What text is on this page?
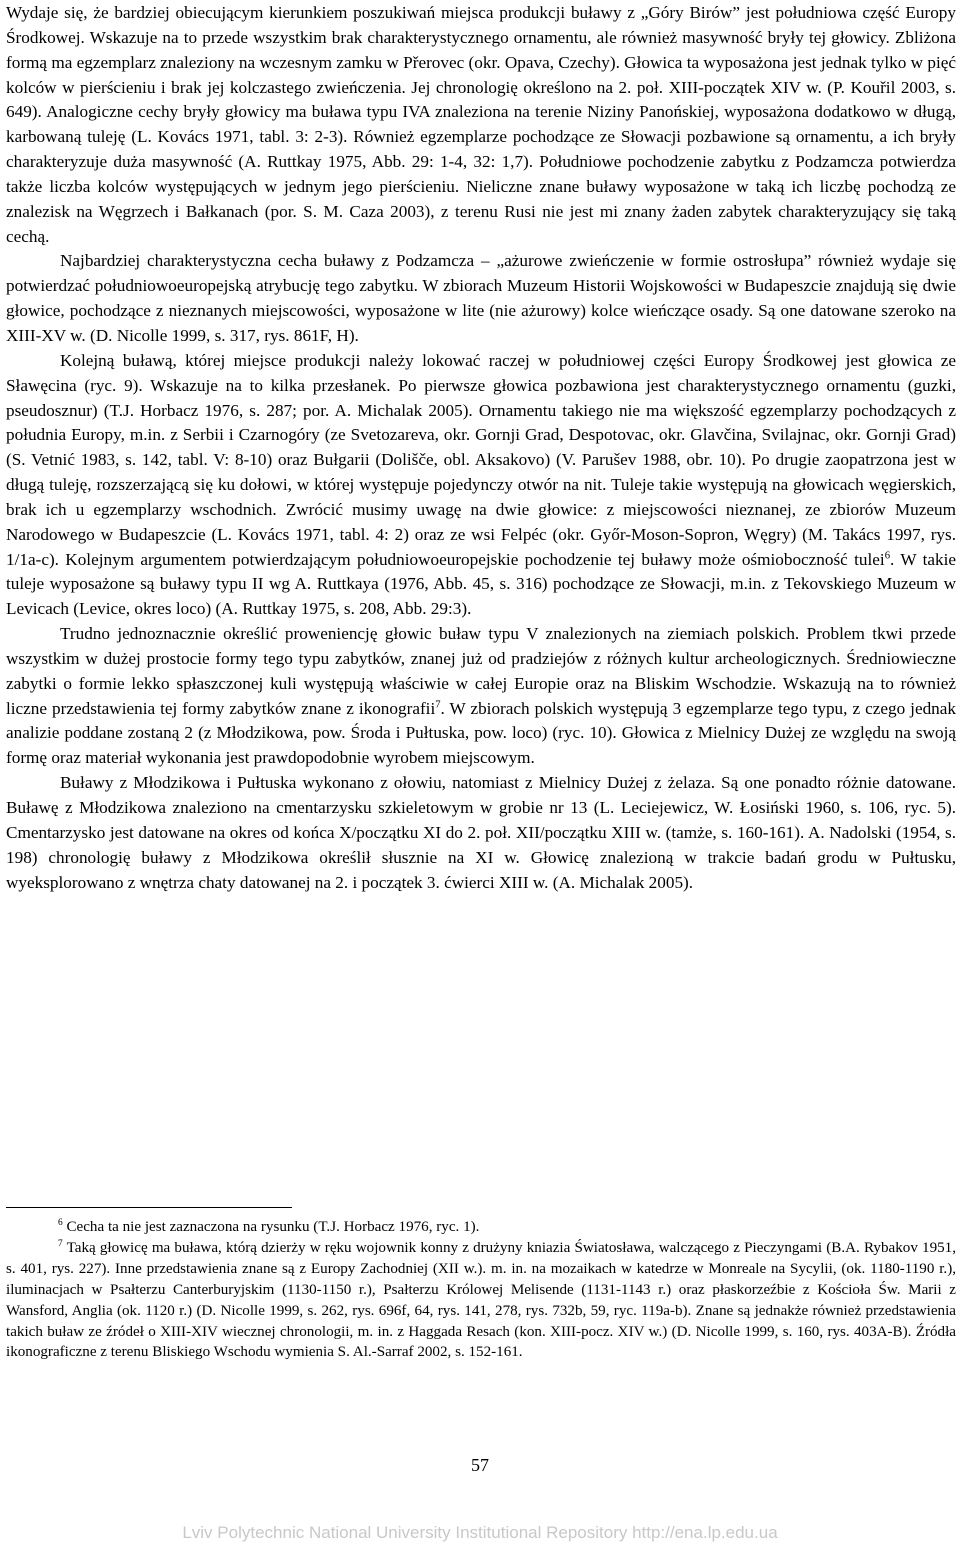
Wydaje się, że bardziej obiecującym kierunkiem poszukiwań miejsca produkcji buławy z „Góry Birów” jest południowa część Europy Środkowej. Wskazuje na to przede wszystkim brak charakterystycznego ornamentu, ale również masywność bryły tej głowicy. Zbliżona formą ma egzemplarz znaleziony na wczesnym zamku w Přerovec (okr. Opava, Czechy). Głowica ta wyposażona jest jednak tylko w pięć kolców w pierścieniu i brak jej kolczastego zwieńczenia. Jej chronologię określono na 2. poł. XIII-początek XIV w. (P. Kouřil 2003, s. 649). Analogiczne cechy bryły głowicy ma buława typu IVA znaleziona na terenie Niziny Panońskiej, wyposażona dodatkowo w długą, karbowaną tuleję (L. Kovács 1971, tabl. 3: 2-3). Również egzemplarze pochodzące ze Słowacji pozbawione są ornamentu, a ich bryły charakteryzuje duża masywność (A. Ruttkay 1975, Abb. 29: 1-4, 32: 1,7). Południowe pochodzenie zabytku z Podzamcza potwierdza także liczba kolców występujących w jednym jego pierścieniu. Nieliczne znane buławy wyposażone w taką ich liczbę pochodzą ze znalezisk na Węgrzech i Bałkanach (por. S. M. Caza 2003), z terenu Rusi nie jest mi znany żaden zabytek charakteryzujący się taką cechą.

Najbardziej charakterystyczna cecha buławy z Podzamcza – „ażurowe zwieńczenie w formie ostrosłupa” również wydaje się potwierdzać południowoeuropejską atrybucję tego zabytku. W zbiorach Muzeum Historii Wojskowości w Budapeszcie znajdują się dwie głowice, pochodzące z nieznanych miejscowości, wyposażone w lite (nie ażurowy) kolce wieńczące osady. Są one datowane szeroko na XIII-XV w. (D. Nicolle 1999, s. 317, rys. 861F, H).

Kolejną buławą, której miejsce produkcji należy lokować raczej w południowej części Europy Środkowej jest głowica ze Sławęcina (ryc. 9). Wskazuje na to kilka przesłanek. Po pierwsze głowica pozbawiona jest charakterystycznego ornamentu (guzki, pseudosznur) (T.J. Horbacz 1976, s. 287; por. A. Michalak 2005). Ornamentu takiego nie ma większość egzemplarzy pochodzących z południa Europy, m.in. z Serbii i Czarnogóry (ze Svetozareva, okr. Gornji Grad, Despotovac, okr. Glavčina, Svilajnac, okr. Gornji Grad) (S. Vetnić 1983, s. 142, tabl. V: 8-10) oraz Bułgarii (Doliščе, obl. Aksakovo) (V. Parušev 1988, obr. 10). Po drugie zaopatrzona jest w długą tuleję, rozszerzającą się ku dołowi, w której występuje pojedynczy otwór na nit. Tuleje takie występują na głowicach węgierskich, brak ich u egzemplarzy wschodnich. Zwrócić musimy uwagę na dwie głowice: z miejscowości nieznanej, ze zbiorów Muzeum Narodowego w Budapeszcie (L. Kovács 1971, tabl. 4: 2) oraz ze wsi Felpéc (okr. Győr-Moson-Sopron, Węgry) (M. Takács 1997, rys. 1/1a-c). Kolejnym argumentem potwierdzającym południowoeuropejskie pochodzenie tej buławy może ośmioboczność tulei$^6$. W takie tuleje wyposażone są buławy typu II wg A. Ruttkaya (1976, Abb. 45, s. 316) pochodzące ze Słowacji, m.in. z Tekovskiego Muzeum w Levicach (Levice, okres loco) (A. Ruttkay 1975, s. 208, Abb. 29:3).

Trudno jednoznacznie określić proweniencję głowic buław typu V znalezionych na ziemiach polskich. Problem tkwi przede wszystkim w dużej prostocie formy tego typu zabytków, znanej już od pradziejów z różnych kultur archeologicznych. Średniowieczne zabytki o formie lekko spłaszczonej kuli występują właściwie w całej Europie oraz na Bliskim Wschodzie. Wskazują na to również liczne przedstawienia tej formy zabytków znane z ikonografii$^7$. W zbiorach polskich występują 3 egzemplarze tego typu, z czego jednak analizie poddane zostaną 2 (z Młodzikowa, pow. Środa i Pułtuska, pow. loco) (ryc. 10). Głowica z Mielnicy Dużej ze względu na swoją formę oraz materiał wykonania jest prawdopodobnie wyrobem miejscowym.

Buławy z Młodzikowa i Pułtuska wykonano z ołowiu, natomiast z Mielnicy Dużej z żelaza. Są one ponadto różnie datowane. Buławę z Młodzikowa znaleziono na cmentarzysku szkieletowym w grobie nr 13 (L. Leciejewicz, W. Łosiński 1960, s. 106, ryc. 5). Cmentarzysko jest datowane na okres od końca X/początku XI do 2. poł. XII/początku XIII w. (tamże, s. 160-161). A. Nadolski (1954, s. 198) chronologię buławy z Młodzikowa określił słusznie na XI w. Głowicę znalezioną w trakcie badań grodu w Pułtusku, wyeksplorowano z wnętrza chaty datowanej na 2. i początek 3. ćwierci XIII w. (A. Michalak 2005).

$^6$ Cecha ta nie jest zaznaczona na rysunku (T.J. Horbacz 1976, ryc. 1).

$^7$ Taką głowicę ma buława, którą dzierży w ręku wojownik konny z drużyny kniazia Światosława, walczącego z Pieczyngami (B.A. Rybakov 1951, s. 401, rys. 227). Inne przedstawienia znane są z Europy Zachodniej (XII w.). m. in. na mozaikach w katedrze w Monreale na Sycylii, (ok. 1180-1190 r.), iluminacjach w Psałterzu Canterburyjskim (1130-1150 r.), Psałterzu Królowej Melisende (1131-1143 r.) oraz płaskorzeźbie z Kościoła Św. Marii z Wansford, Anglia (ok. 1120 r.) (D. Nicolle 1999, s. 262, rys. 696f, 64, rys. 141, 278, rys. 732b, 59, ryc. 119a-b). Znane są jednakże również przedstawienia takich buław ze źródeł o XIII-XIV wiecznej chronologii, m. in. z Haggada Resach (kon. XIII-pocz. XIV w.) (D. Nicolle 1999, s. 160, rys. 403A-B). Źródła ikonograficzne z terenu Bliskiego Wschodu wymienia S. Al.-Sarraf 2002, s. 152-161.

57
Lviv Polytechnic National University Institutional Repository http://ena.lp.edu.ua
